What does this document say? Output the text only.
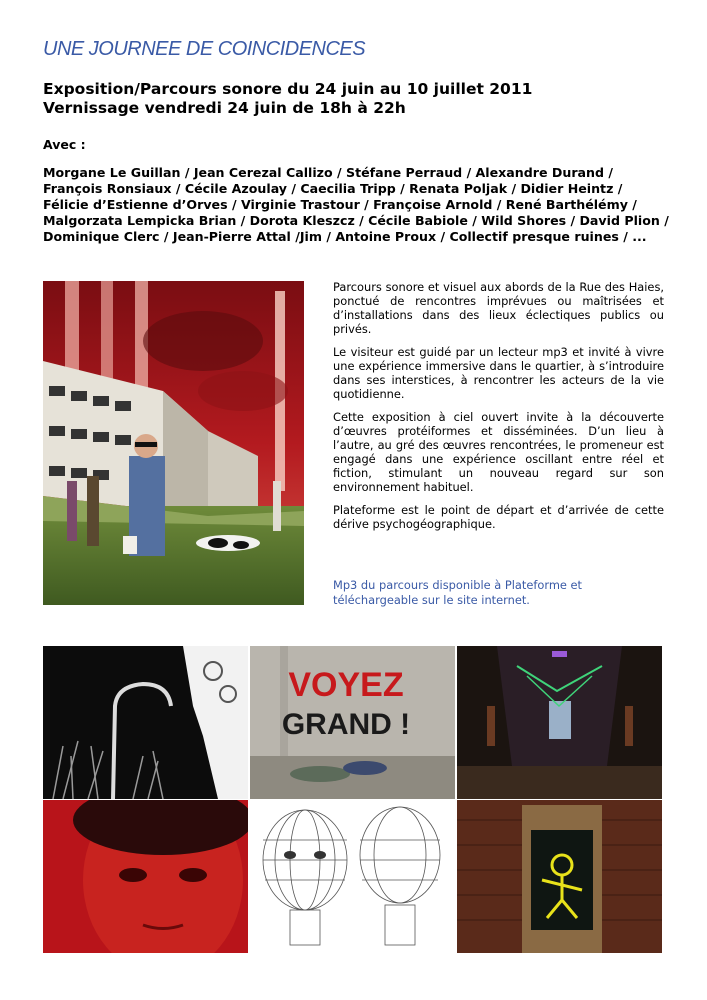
UNE JOURNEE DE COINCIDENCES
Exposition/Parcours sonore du 24 juin au 10 juillet 2011
Vernissage vendredi 24 juin de 18h à 22h
Avec :
Morgane Le Guillan / Jean Cerezal Callizo / Stéfane Perraud / Alexandre Durand /
François Ronsiaux / Cécile Azoulay / Caecilia Tripp / Renata Poljak / Didier Heintz /
Félicie d’Estienne d’Orves / Virginie Trastour / Françoise Arnold / René Barthélémy /
Malgorzata Lempicka Brian / Dorota Kleszcz / Cécile Babiole / Wild Shores / David Plion /
Dominique Clerc / Jean-Pierre Attal /Jim / Antoine Proux / Collectif presque ruines / ...

Parcours sonore et visuel aux abords de la Rue des Haies, ponctué de rencontres imprévues ou maîtrisées et d’installations dans des lieux éclectiques publics ou privés.

Le visiteur est guidé par un lecteur mp3 et invité à vivre une expérience immersive dans le quartier, à s’introduire dans ses interstices, à rencontrer les acteurs de la vie quotidienne.

Cette exposition à ciel ouvert invite à la découverte d’œuvres protéiformes et disséminées. D’un lieu à l’autre, au gré des œuvres rencontrées, le promeneur est engagé dans une expérience oscillant entre réel et fiction, stimulant un nouveau regard sur son environnement habituel.

Plateforme est le point de départ et d’arrivée de cette dérive psychogéographique.

Mp3 du parcours disponible à Plateforme et
téléchargeable sur le site internet.
VOYEZ
GRAND !
